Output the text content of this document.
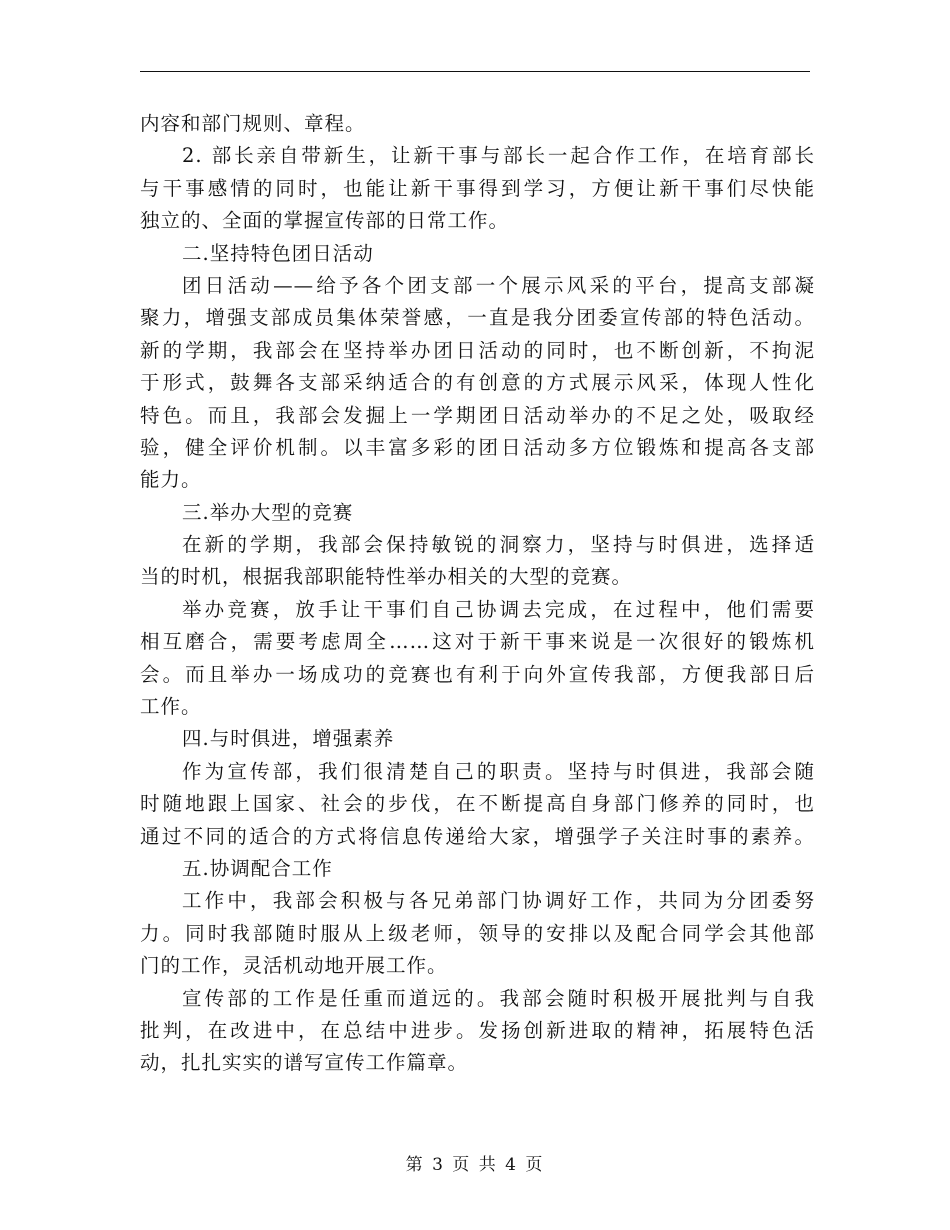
内容和部门规则、章程。
2. 部长亲自带新生，让新干事与部长一起合作工作，在培育部长
与干事感情的同时，也能让新干事得到学习，方便让新干事们尽快能
独立的、全面的掌握宣传部的日常工作。
二.坚持特色团日活动
团日活动——给予各个团支部一个展示风采的平台，提高支部凝
聚力，增强支部成员集体荣誉感，一直是我分团委宣传部的特色活动。
新的学期，我部会在坚持举办团日活动的同时，也不断创新，不拘泥
于形式，鼓舞各支部采纳适合的有创意的方式展示风采，体现人性化
特色。而且，我部会发掘上一学期团日活动举办的不足之处，吸取经
验，健全评价机制。以丰富多彩的团日活动多方位锻炼和提高各支部
能力。
三.举办大型的竞赛
在新的学期，我部会保持敏锐的洞察力，坚持与时俱进，选择适
当的时机，根据我部职能特性举办相关的大型的竞赛。
举办竞赛，放手让干事们自己协调去完成，在过程中，他们需要
相互磨合，需要考虑周全……这对于新干事来说是一次很好的锻炼机
会。而且举办一场成功的竞赛也有利于向外宣传我部，方便我部日后
工作。
四.与时俱进，增强素养
作为宣传部，我们很清楚自己的职责。坚持与时俱进，我部会随
时随地跟上国家、社会的步伐，在不断提高自身部门修养的同时，也
通过不同的适合的方式将信息传递给大家，增强学子关注时事的素养。
五.协调配合工作
工作中，我部会积极与各兄弟部门协调好工作，共同为分团委努
力。同时我部随时服从上级老师，领导的安排以及配合同学会其他部
门的工作，灵活机动地开展工作。
宣传部的工作是任重而道远的。我部会随时积极开展批判与自我
批判，在改进中，在总结中进步。发扬创新进取的精神，拓展特色活
动，扎扎实实的谱写宣传工作篇章。
第 3 页 共 4 页
